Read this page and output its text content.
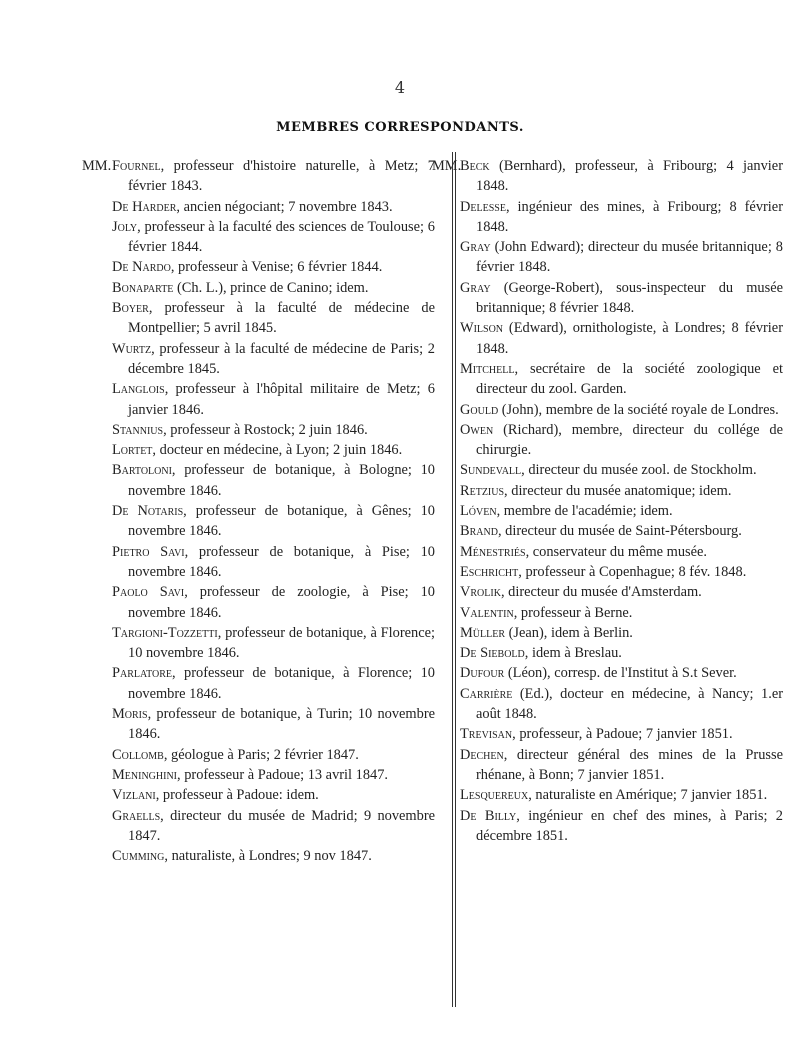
4
MEMBRES CORRESPONDANTS.
MM. Fournel, professeur d'histoire naturelle, à Metz; 7 février 1843.

De Harder, ancien négociant; 7 novembre 1843.

Joly, professeur à la faculté des sciences de Toulouse; 6 février 1844.

De Nardo, professeur à Venise; 6 février 1844.

Bonaparte (Ch. L.), prince de Canino; idem.

Boyer, professeur à la faculté de médecine de Montpellier; 5 avril 1845.

Wurtz, professeur à la faculté de médecine de Paris; 2 décembre 1845.

Langlois, professeur à l'hôpital militaire de Metz; 6 janvier 1846.

Stannius, professeur à Rostock; 2 juin 1846.

Lortet, docteur en médecine, à Lyon; 2 juin 1846.

Bartoloni, professeur de botanique, à Bologne; 10 novembre 1846.

De Notaris, professeur de botanique, à Gênes; 10 novembre 1846.

Pietro Savi, professeur de botanique, à Pise; 10 novembre 1846.

Paolo Savi, professeur de zoologie, à Pise; 10 novembre 1846.

Targioni-Tozzetti, professeur de botanique, à Florence; 10 novembre 1846.

Parlatore, professeur de botanique, à Florence; 10 novembre 1846.

Moris, professeur de botanique, à Turin; 10 novembre 1846.

Collomb, géologue à Paris; 2 février 1847.

Meninghini, professeur à Padoue; 13 avril 1847.

Vizlani, professeur à Padoue: idem.

Graells, directeur du musée de Madrid; 9 novembre 1847.

Cumming, naturaliste, à Londres; 9 nov 1847.

MM.

Beck (Bernhard), professeur, à Fribourg; 4 janvier 1848.

Delesse, ingénieur des mines, à Fribourg; 8 février 1848.

Gray (John Edward); directeur du musée britannique; 8 février 1848.

Gray (George-Robert), sous-inspecteur du musée britannique; 8 février 1848.

Wilson (Edward), ornithologiste, à Londres; 8 février 1848.

Mitchell, secrétaire de la société zoologique et directeur du zool. Garden.

Gould (John), membre de la société royale de Londres.

Owen (Richard), membre, directeur du collége de chirurgie.

Sundevall, directeur du musée zool. de Stockholm.

Retzius, directeur du musée anatomique; idem.

Lóven, membre de l'académie; idem.

Brand, directeur du musée de Saint-Pétersbourg.

Ménestriés, conservateur du même musée.

Eschricht, professeur à Copenhague; 8 fév. 1848.

Vrolik, directeur du musée d'Amsterdam.

Valentin, professeur à Berne.

Müller (Jean), idem à Berlin.

De Siebold, idem à Breslau.

Dufour (Léon), corresp. de l'Institut à S.t Sever.

Carrière (Ed.), docteur en médecine, à Nancy; 1.er août 1848.

Trevisan, professeur, à Padoue; 7 janvier 1851.

Dechen, directeur général des mines de la Prusse rhénane, à Bonn; 7 janvier 1851.

Lesquereux, naturaliste en Amérique; 7 janvier 1851.

De Billy, ingénieur en chef des mines, à Paris; 2 décembre 1851.
